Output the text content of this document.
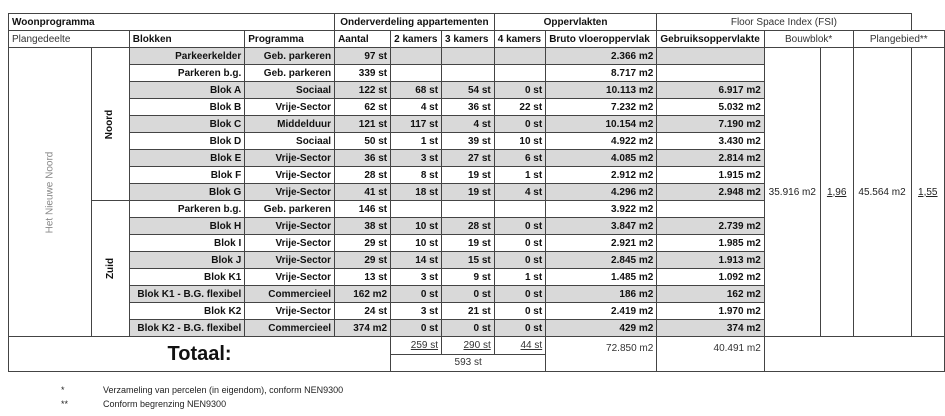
Woonprogramma				Onderverdeling appartementen			Oppervlakten		Floor Space Index (FSI)				
Plangedeelte		Blokken	Programma	Aantal	2 kamers	3 kamers	4 kamers	Bruto vloeroppervlak	Gebruiksoppervlakte	Bouwblok*		Plangebied**	
Het Nieuwe Noord	Noord	Parkeerkelder	Geb. parkeren	97 st				2.366 m2		35.916 m2	1,96	45.564 m2	1,55
		Parkeren b.g.	Geb. parkeren	339 st				8.717 m2					
		Blok A	Sociaal	122 st	68 st	54 st	0 st	10.113 m2	6.917 m2				
		Blok B	Vrije-Sector	62 st	4 st	36 st	22 st	7.232 m2	5.032 m2				
		Blok C	Middelduur	121 st	117 st	4 st	0 st	10.154 m2	7.190 m2				
		Blok D	Sociaal	50 st	1 st	39 st	10 st	4.922 m2	3.430 m2				
		Blok E	Vrije-Sector	36 st	3 st	27 st	6 st	4.085 m2	2.814 m2				
		Blok F	Vrije-Sector	28 st	8 st	19 st	1 st	2.912 m2	1.915 m2				
		Blok G	Vrije-Sector	41 st	18 st	19 st	4 st	4.296 m2	2.948 m2				
	Zuid	Parkeren b.g.	Geb. parkeren	146 st				3.922 m2					
		Blok H	Vrije-Sector	38 st	10 st	28 st	0 st	3.847 m2	2.739 m2				
		Blok I	Vrije-Sector	29 st	10 st	19 st	0 st	2.921 m2	1.985 m2				
		Blok J	Vrije-Sector	29 st	14 st	15 st	0 st	2.845 m2	1.913 m2				
		Blok K1	Vrije-Sector	13 st	3 st	9 st	1 st	1.485 m2	1.092 m2				
		Blok K1 - B.G. flexibel	Commercieel	162 m2	0 st	0 st	0 st	186 m2	162 m2				
		Blok K2	Vrije-Sector	24 st	3 st	21 st	0 st	2.419 m2	1.970 m2				
		Blok K2 - B.G. flexibel	Commercieel	374 m2	0 st	0 st	0 st	429 m2	374 m2				
Totaal:					259 st	290 st	44 st	72.850 m2	40.491 m2				
					593 st								
*	Verzameling van percelen (in eigendom), conform NEN9300
**	Conform begrenzing NEN9300
